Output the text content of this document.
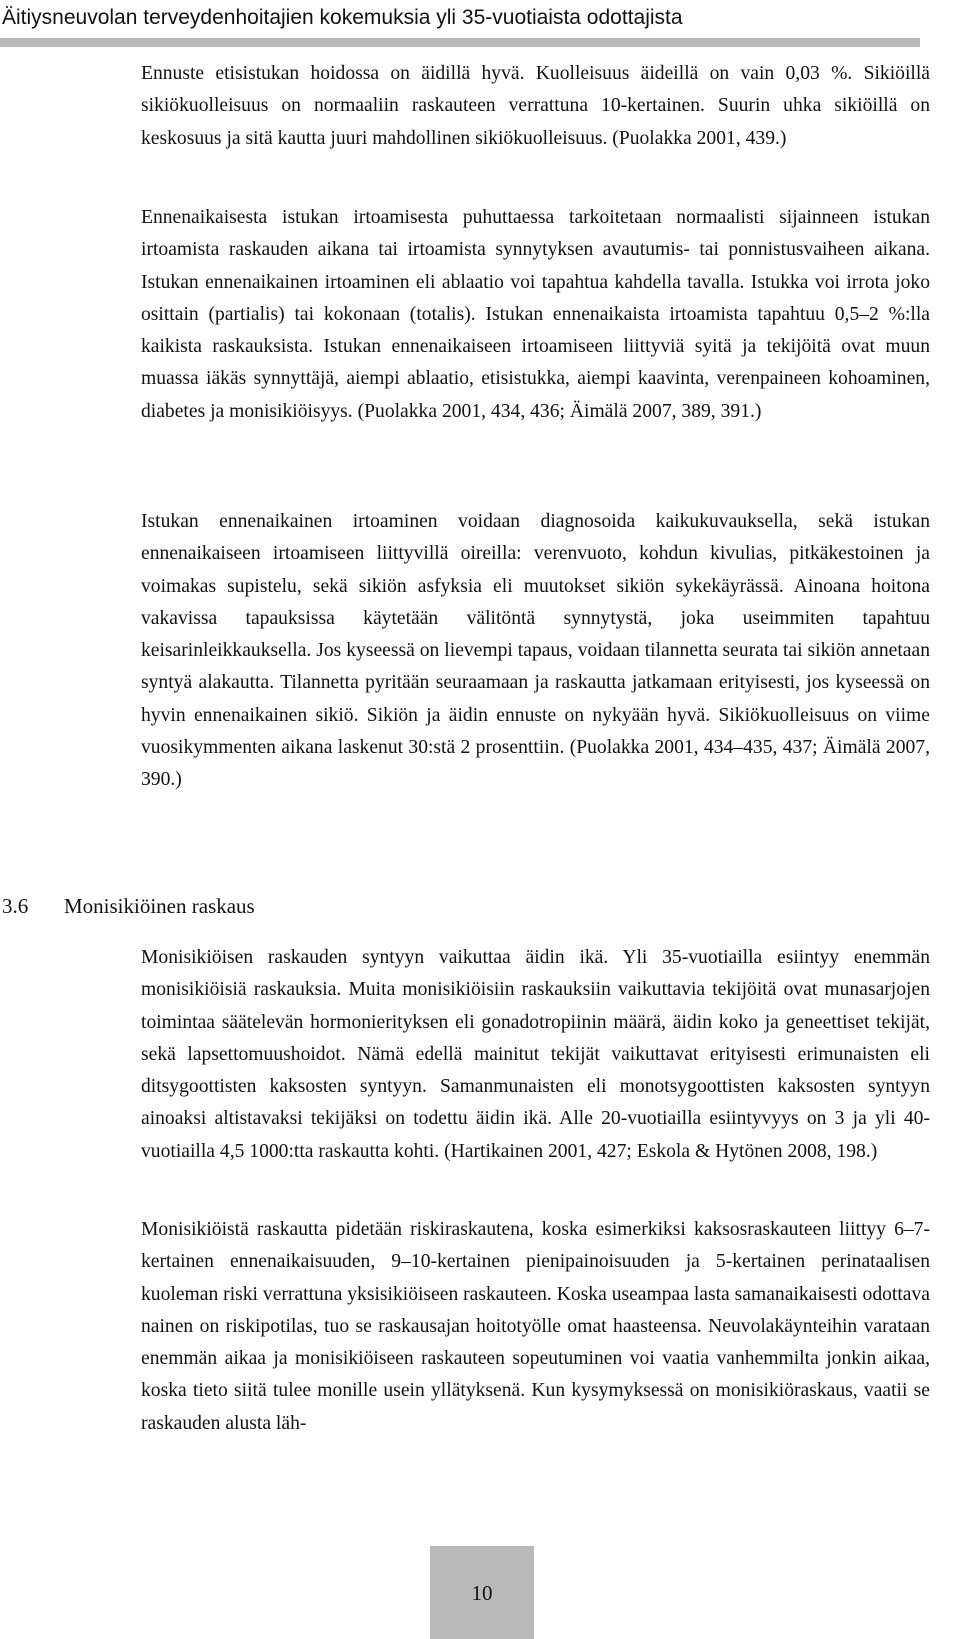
Äitiysneuvolan terveydenhoitajien kokemuksia yli 35-vuotiaista odottajista

Ennuste etisistukan hoidossa on äidillä hyvä. Kuolleisuus äideillä on vain 0,03 %. Sikiöillä sikiökuolleisuus on normaaliin raskauteen verrattuna 10-kertainen. Suurin uhka sikiöillä on keskosuus ja sitä kautta juuri mahdollinen sikiökuolleisuus. (Puolakka 2001, 439.)

Ennenaikaisesta istukan irtoamisesta puhuttaessa tarkoitetaan normaalisti sijainneen istukan irtoamista raskauden aikana tai irtoamista synnytyksen avautumis- tai ponnistusvaiheen aikana. Istukan ennenaikainen irtoaminen eli ablaatio voi tapahtua kahdella tavalla. Istukka voi irrota joko osittain (partialis) tai kokonaan (totalis). Istukan ennenaikaista irtoamista tapahtuu 0,5–2 %:lla kaikista raskauksista. Istukan ennenaikaiseen irtoamiseen liittyviä syitä ja tekijöitä ovat muun muassa iäkäs synnyttäjä, aiempi ablaatio, etisistukka, aiempi kaavinta, verenpaineen kohoaminen, diabetes ja monisikiöisyys. (Puolakka 2001, 434, 436; Äimälä 2007, 389, 391.)

Istukan ennenaikainen irtoaminen voidaan diagnosoida kaikukuvauksella, sekä istukan ennenaikaiseen irtoamiseen liittyvillä oireilla: verenvuoto, kohdun kivulias, pitkäkestoinen ja voimakas supistelu, sekä sikiön asfyksia eli muutokset sikiön sykekäyrässä. Ainoana hoitona vakavissa tapauksissa käytetään välitöntä synnytystä, joka useimmiten tapahtuu keisarinleikkauksella. Jos kyseessä on lievempi tapaus, voidaan tilannetta seurata tai sikiön annetaan syntyä alakautta. Tilannetta pyritään seuraamaan ja raskautta jatkamaan erityisesti, jos kyseessä on hyvin ennenaikainen sikiö. Sikiön ja äidin ennuste on nykyään hyvä. Sikiökuolleisuus on viime vuosikymmenten aikana laskenut 30:stä 2 prosenttiin. (Puolakka 2001, 434–435, 437; Äimälä 2007, 390.)

3.6 Monisikiöinen raskaus

Monisikiöisen raskauden syntyyn vaikuttaa äidin ikä. Yli 35-vuotiailla esiintyy enemmän monisikiöisiä raskauksia. Muita monisikiöisiin raskauksiin vaikuttavia tekijöitä ovat munasarjojen toimintaa säätelevän hormonierityksen eli gonadotropiinin määrä, äidin koko ja geneettiset tekijät, sekä lapsettomuushoidot. Nämä edellä mainitut tekijät vaikuttavat erityisesti erimunaisten eli ditsygoottisten kaksosten syntyyn. Samanmunaisten eli monotsygoottisten kaksosten syntyyn ainoaksi altistavaksi tekijäksi on todettu äidin ikä. Alle 20-vuotiailla esiintyvyys on 3 ja yli 40-vuotiailla 4,5 1000:tta raskautta kohti. (Hartikainen 2001, 427; Eskola & Hytönen 2008, 198.)

Monisikiöistä raskautta pidetään riskiraskautena, koska esimerkiksi kaksosraskauteen liittyy 6–7-kertainen ennenaikaisuuden, 9–10-kertainen pienipainoisuuden ja 5-kertainen perinataalisen kuoleman riski verrattuna yksisikiöiseen raskauteen. Koska useampaa lasta samanaikaisesti odottava nainen on riskipotilas, tuo se raskausajan hoitotyölle omat haasteensa. Neuvolakäynteihin varataan enemmän aikaa ja monisikiöiseen raskauteen sopeutuminen voi vaatia vanhemmilta jonkin aikaa, koska tieto siitä tulee monille usein yllätyksenä. Kun kysymyksessä on monisikiöraskaus, vaatii se raskauden alusta läh-

10
